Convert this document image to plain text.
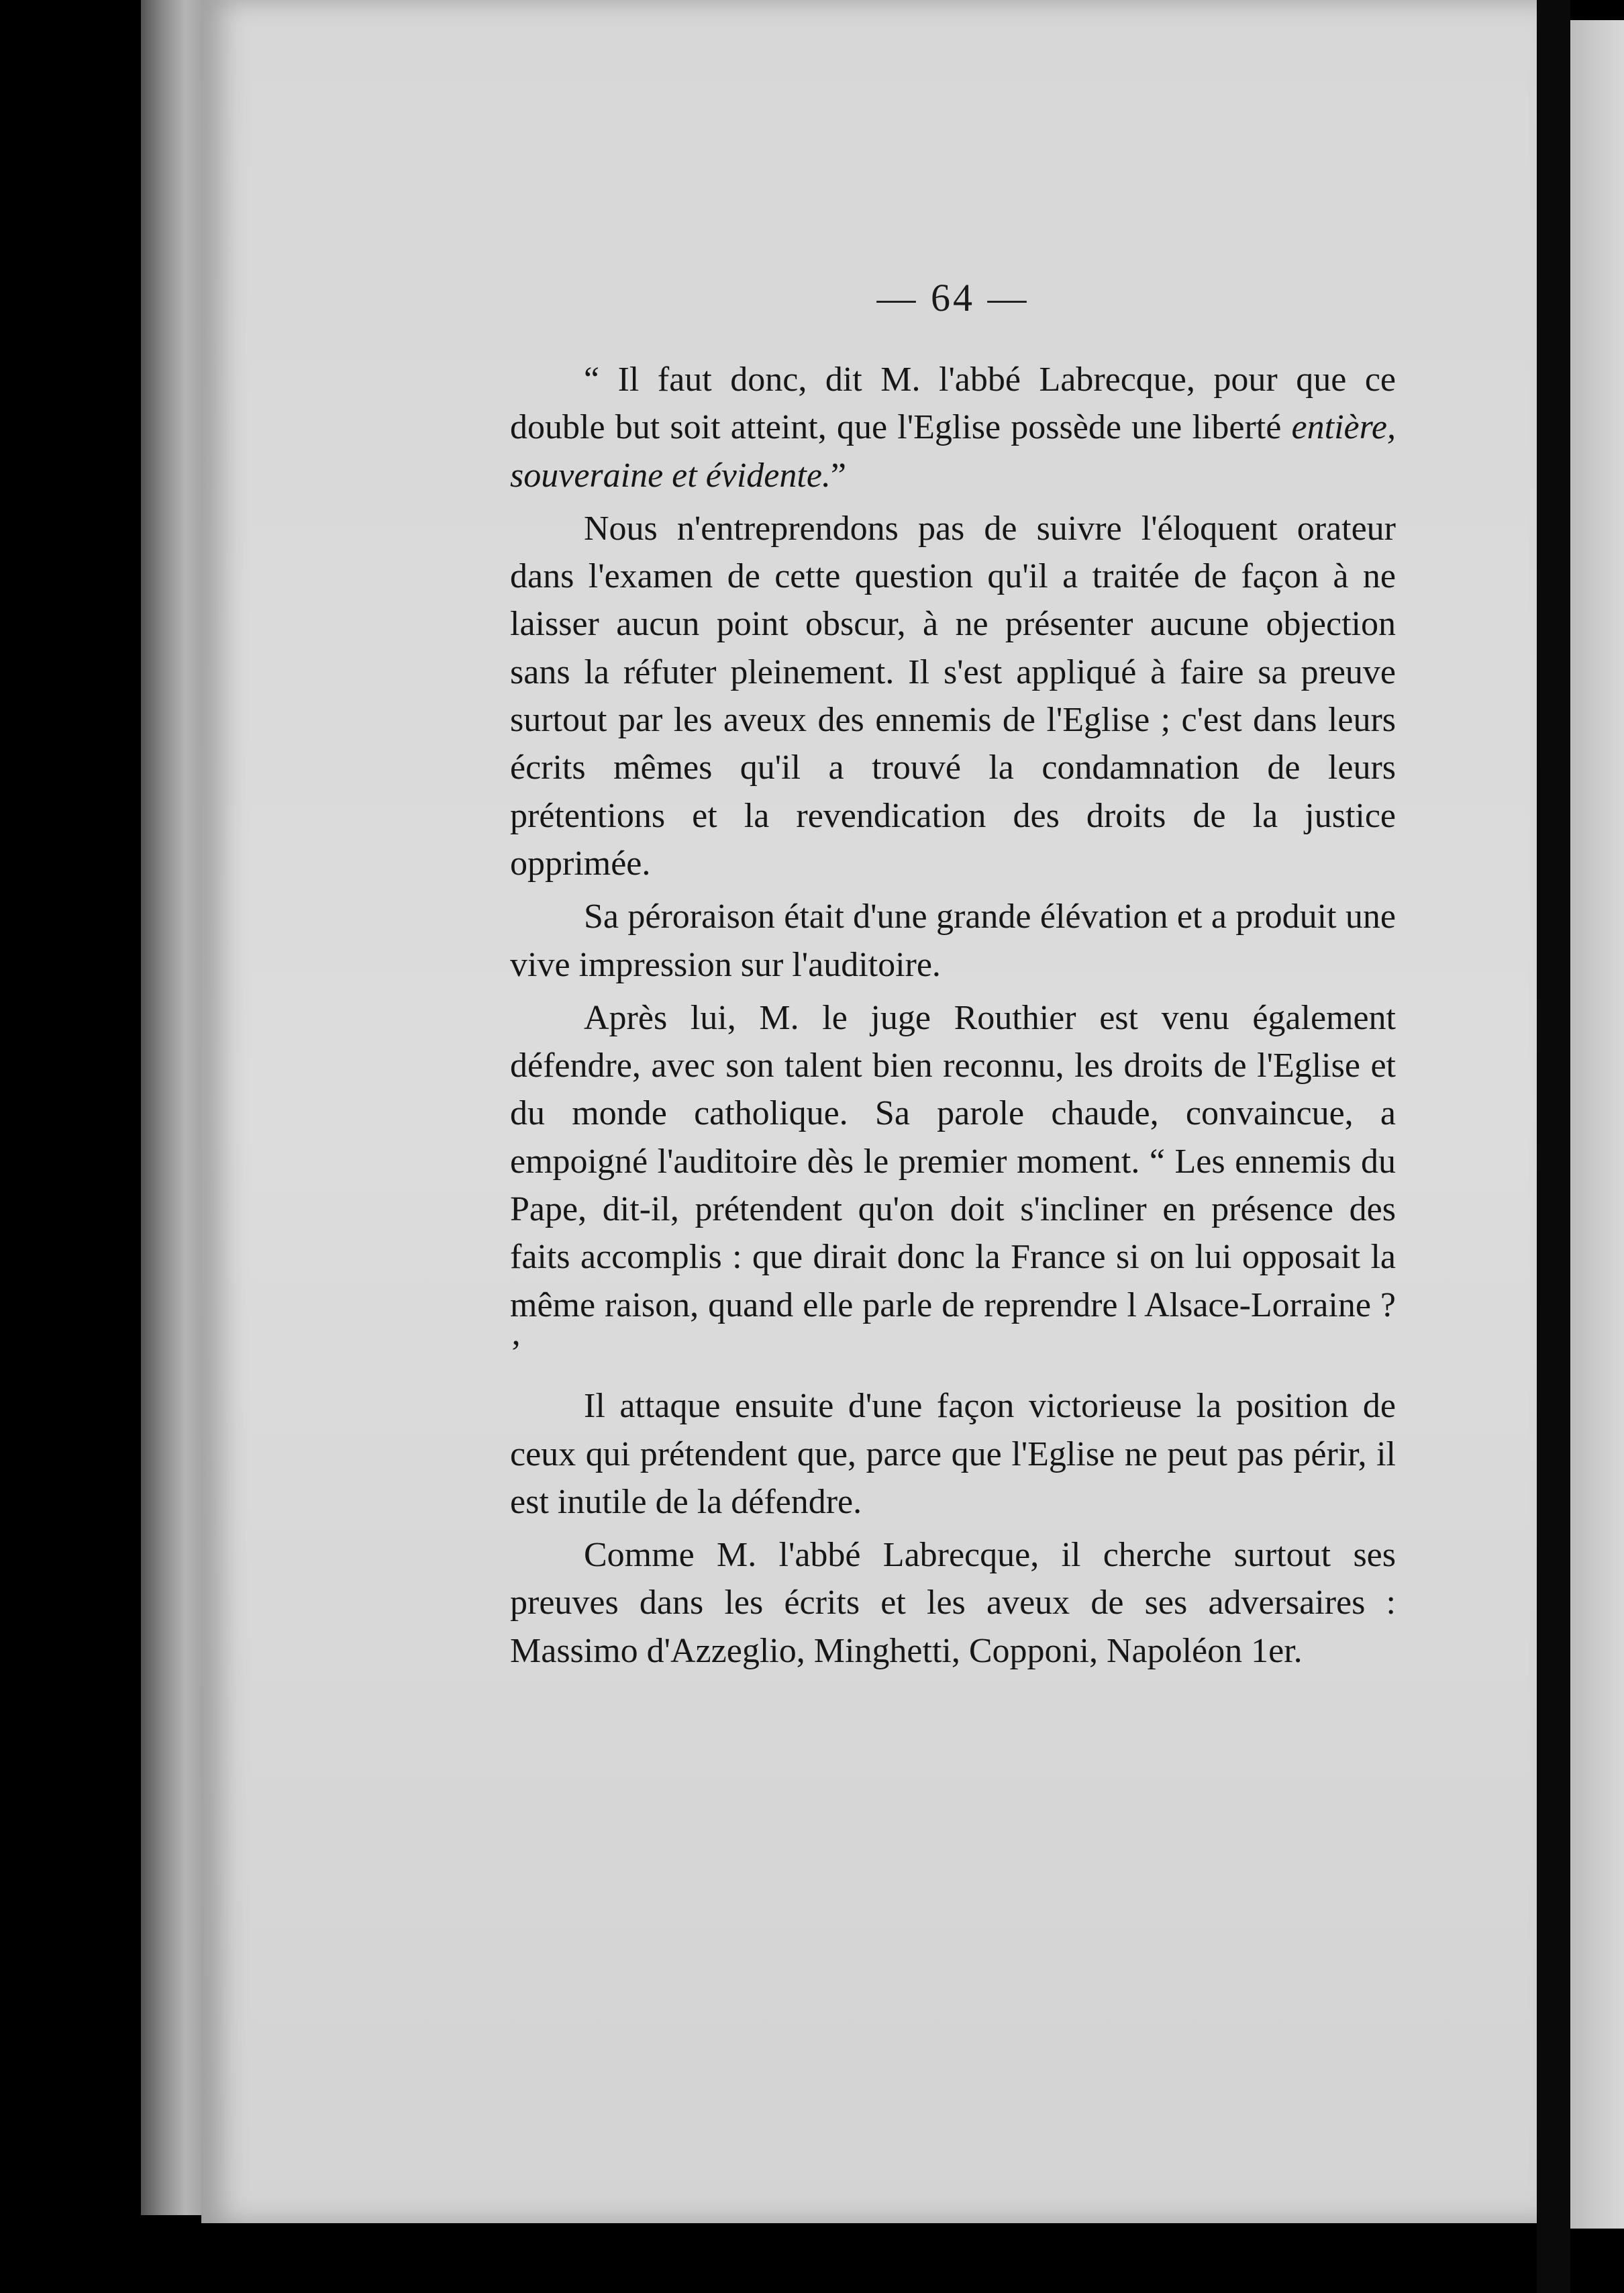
— 64 —

“ Il faut donc, dit M. l'abbé Labrecque, pour que ce double but soit atteint, que l'Eglise possède une liberté entière, souveraine et évidente.”

Nous n'entreprendons pas de suivre l'éloquent orateur dans l'examen de cette question qu'il a traitée de façon à ne laisser aucun point obscur, à ne présenter aucune objection sans la réfuter pleinement. Il s'est appliqué à faire sa preuve surtout par les aveux des ennemis de l'Eglise ; c'est dans leurs écrits mêmes qu'il a trouvé la condamnation de leurs prétentions et la revendication des droits de la justice opprimée.

Sa péroraison était d'une grande élévation et a produit une vive impression sur l'auditoire.

Après lui, M. le juge Routhier est venu également défendre, avec son talent bien reconnu, les droits de l'Eglise et du monde catholique. Sa parole chaude, convaincue, a empoigné l'auditoire dès le premier moment. “ Les ennemis du Pape, dit-il, prétendent qu'on doit s'incliner en présence des faits accomplis : que dirait donc la France si on lui opposait la même raison, quand elle parle de reprendre l Alsace-Lorraine ? ’

Il attaque ensuite d'une façon victorieuse la position de ceux qui prétendent que, parce que l'Eglise ne peut pas périr, il est inutile de la défendre.

Comme M. l'abbé Labrecque, il cherche surtout ses preuves dans les écrits et les aveux de ses adversaires : Massimo d'Azzeglio, Minghetti, Copponi, Napoléon 1er.
